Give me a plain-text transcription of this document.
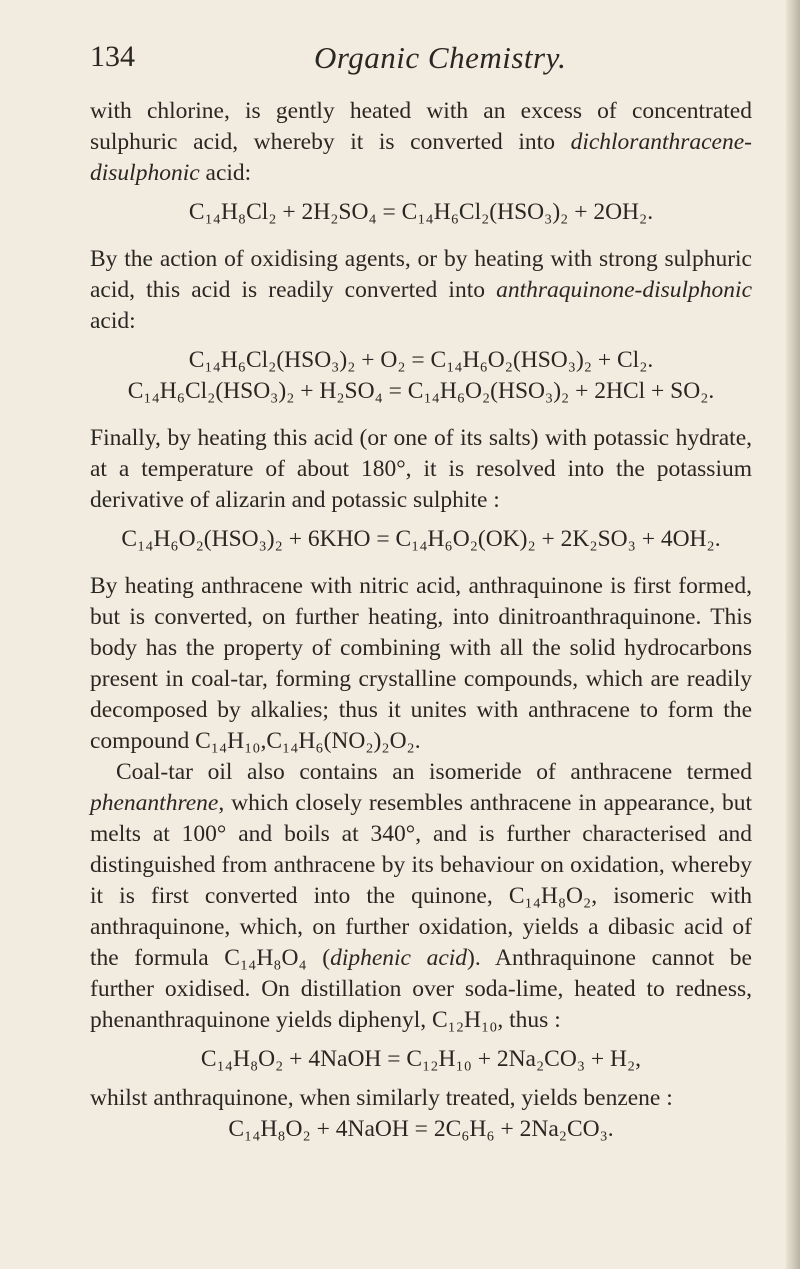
134	Organic Chemistry.

with chlorine, is gently heated with an excess of concentrated sulphuric acid, whereby it is converted into dichloranthracene-disulphonic acid:

C₁₄H₈Cl₂ + 2H₂SO₄ = C₁₄H₆Cl₂(HSO₃)₂ + 2OH₂.

By the action of oxidising agents, or by heating with strong sulphuric acid, this acid is readily converted into anthraquinone-disulphonic acid:

C₁₄H₆Cl₂(HSO₃)₂ + O₂ = C₁₄H₆O₂(HSO₃)₂ + Cl₂.

C₁₄H₆Cl₂(HSO₃)₂ + H₂SO₄ = C₁₄H₆O₂(HSO₃)₂ + 2HCl + SO₂.

Finally, by heating this acid (or one of its salts) with potassic hydrate, at a temperature of about 180°, it is resolved into the potassium derivative of alizarin and potassic sulphite :

C₁₄H₆O₂(HSO₃)₂ + 6KHO = C₁₄H₆O₂(OK)₂ + 2K₂SO₃ + 4OH₂.

By heating anthracene with nitric acid, anthraquinone is first formed, but is converted, on further heating, into dinitroanthraquinone. This body has the property of combining with all the solid hydrocarbons present in coal-tar, forming crystalline compounds, which are readily decomposed by alkalies; thus it unites with anthracene to form the compound C₁₄H₁₀,C₁₄H₆(NO₂)₂O₂.

Coal-tar oil also contains an isomeride of anthracene termed phenanthrene, which closely resembles anthracene in appearance, but melts at 100° and boils at 340°, and is further characterised and distinguished from anthracene by its behaviour on oxidation, whereby it is first converted into the quinone, C₁₄H₈O₂, isomeric with anthraquinone, which, on further oxidation, yields a dibasic acid of the formula C₁₄H₈O₄ (diphenic acid). Anthraquinone cannot be further oxidised. On distillation over soda-lime, heated to redness, phenanthraquinone yields diphenyl, C₁₂H₁₀, thus :

C₁₄H₈O₂ + 4NaOH = C₁₂H₁₀ + 2Na₂CO₃ + H₂,

whilst anthraquinone, when similarly treated, yields benzene :

C₁₄H₈O₂ + 4NaOH = 2C₆H₆ + 2Na₂CO₃.
